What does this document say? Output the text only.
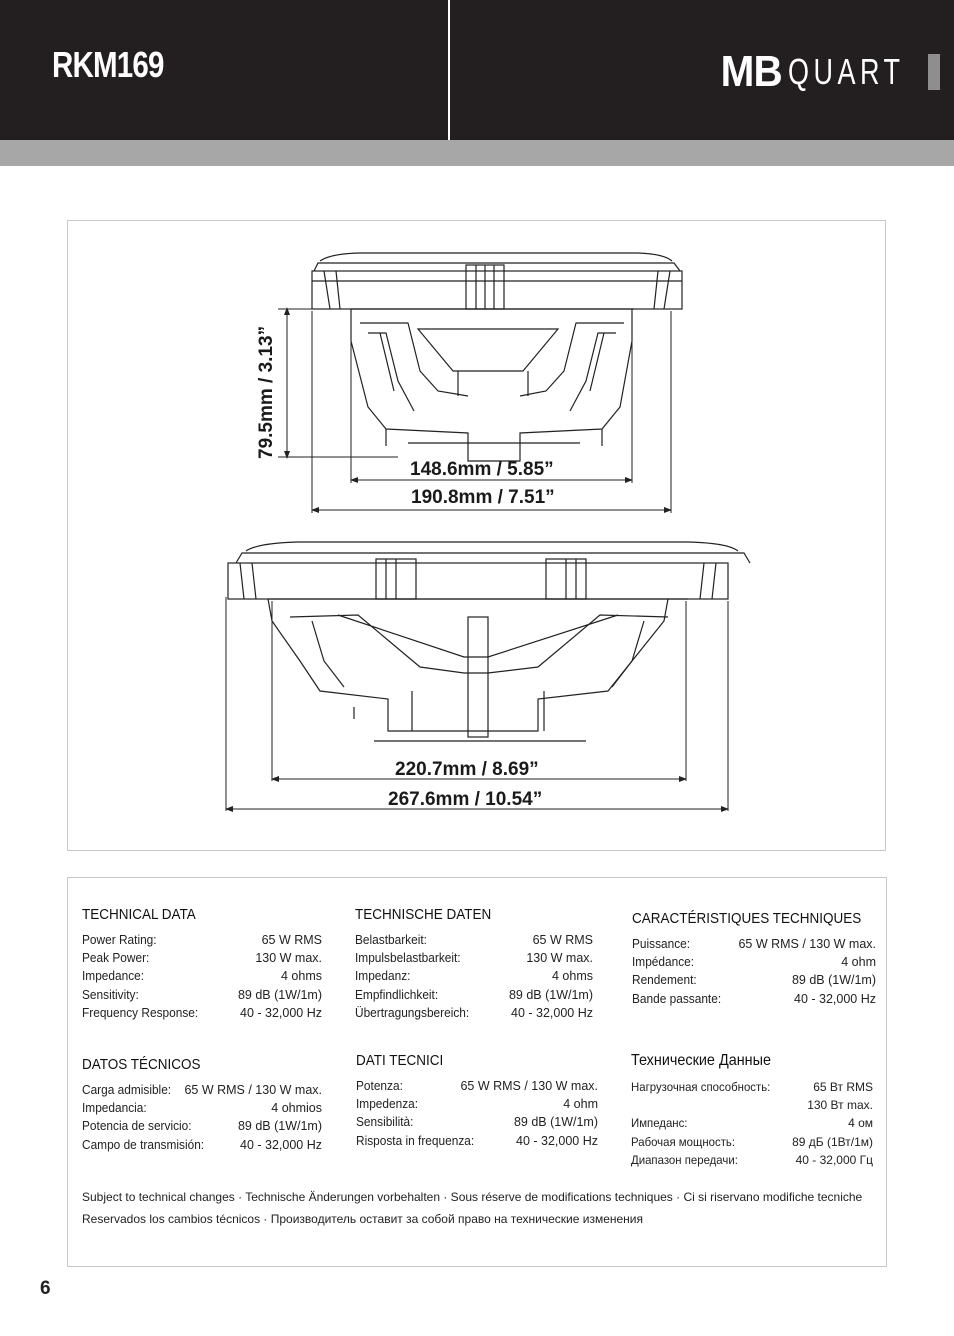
RKM169	MB QUART
79.5mm / 3.13”
148.6mm / 5.85”
190.8mm / 7.51”
220.7mm / 8.69”
267.6mm / 10.54”
TECHNICAL DATA
Power Rating:	65 W RMS
Peak Power:	130 W max.
Impedance:	4 ohms
Sensitivity:	89 dB (1W/1m)
Frequency Response:	40 - 32,000 Hz
TECHNISCHE DATEN
Belastbarkeit:	65 W RMS
Impulsbelastbarkeit:	130 W max.
Impedanz:	4 ohms
Empfindlichkeit:	89 dB (1W/1m)
Übertragungsbereich:	40 - 32,000 Hz
CARACTÉRISTIQUES TECHNIQUES
Puissance:	65 W RMS / 130 W max.
Impédance:	4 ohm
Rendement:	89 dB (1W/1m)
Bande passante:	40 - 32,000 Hz
DATOS TÉCNICOS
Carga admisible: 65 W RMS / 130 W max.
Impedancia:	4 ohmios
Potencia de servicio:	89 dB (1W/1m)
Campo de transmisión:	40 - 32,000 Hz
DATI TECNICI
Potenza:	65 W RMS / 130 W max.
Impedenza:	4 ohm
Sensibilità:	89 dB (1W/1m)
Risposta in frequenza:	40 - 32,000 Hz
Технические Данные
Нагрузочная способность:	65 Вт RMS
130 Вт max.
Импеданс:	4 ом
Рабочая мощность:	89 дБ (1Вт/1м)
Диапазон передачи:	40 - 32,000 Гц
Subject to technical changes · Technische Änderungen vorbehalten · Sous réserve de modifications techniques · Ci si riservano modifiche tecniche
Reservados los cambios técnicos · Производитель оставит за собой право на технические изменения
6
